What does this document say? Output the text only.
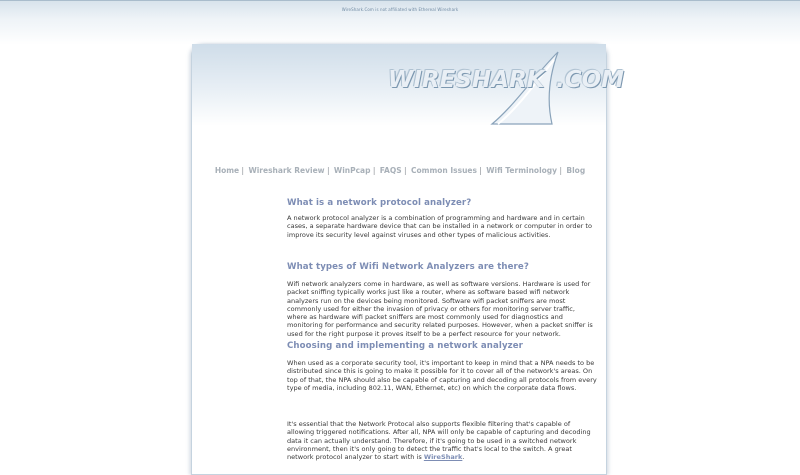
WireShark.Com is not affiliated with Ethereal Wireshark
WIRESHARK .COM
Home | Wireshark Review | WinPcap | FAQS | Common Issues | Wifi Terminology | Blog
What is a network protocol analyzer?

A network protocol analyzer is a combination of programming and hardware and in certain cases, a separate hardware device that can be installed in a network or computer in order to improve its security level against viruses and other types of malicious activities.

What types of Wifi Network Analyzers are there?

Wifi network analyzers come in hardware, as well as software versions. Hardware is used for packet sniffing typically works just like a router, where as software based wifi network analyzers run on the devices being monitored. Software wifi packet sniffers are most commonly used for either the invasion of privacy or others for monitoring server traffic, where as hardware wifi packet sniffers are most commonly used for diagnostics and monitoring for performance and security related purposes. However, when a packet sniffer is used for the right purpose it proves itself to be a perfect resource for your network.

Choosing and implementing a network analyzer

When used as a corporate security tool, it's important to keep in mind that a NPA needs to be distributed since this is going to make it possible for it to cover all of the network's areas. On top of that, the NPA should also be capable of capturing and decoding all protocols from every type of media, including 802.11, WAN, Ethernet, etc) on which the corporate data flows.

It's essential that the Network Protocal also supports flexible filtering that's capable of allowing triggered notifications. After all, NPA will only be capable of capturing and decoding data it can actually understand. Therefore, if it's going to be used in a switched network environment, then it's only going to detect the traffic that's local to the switch. A great network protocol analyzer to start with is WireShark.
